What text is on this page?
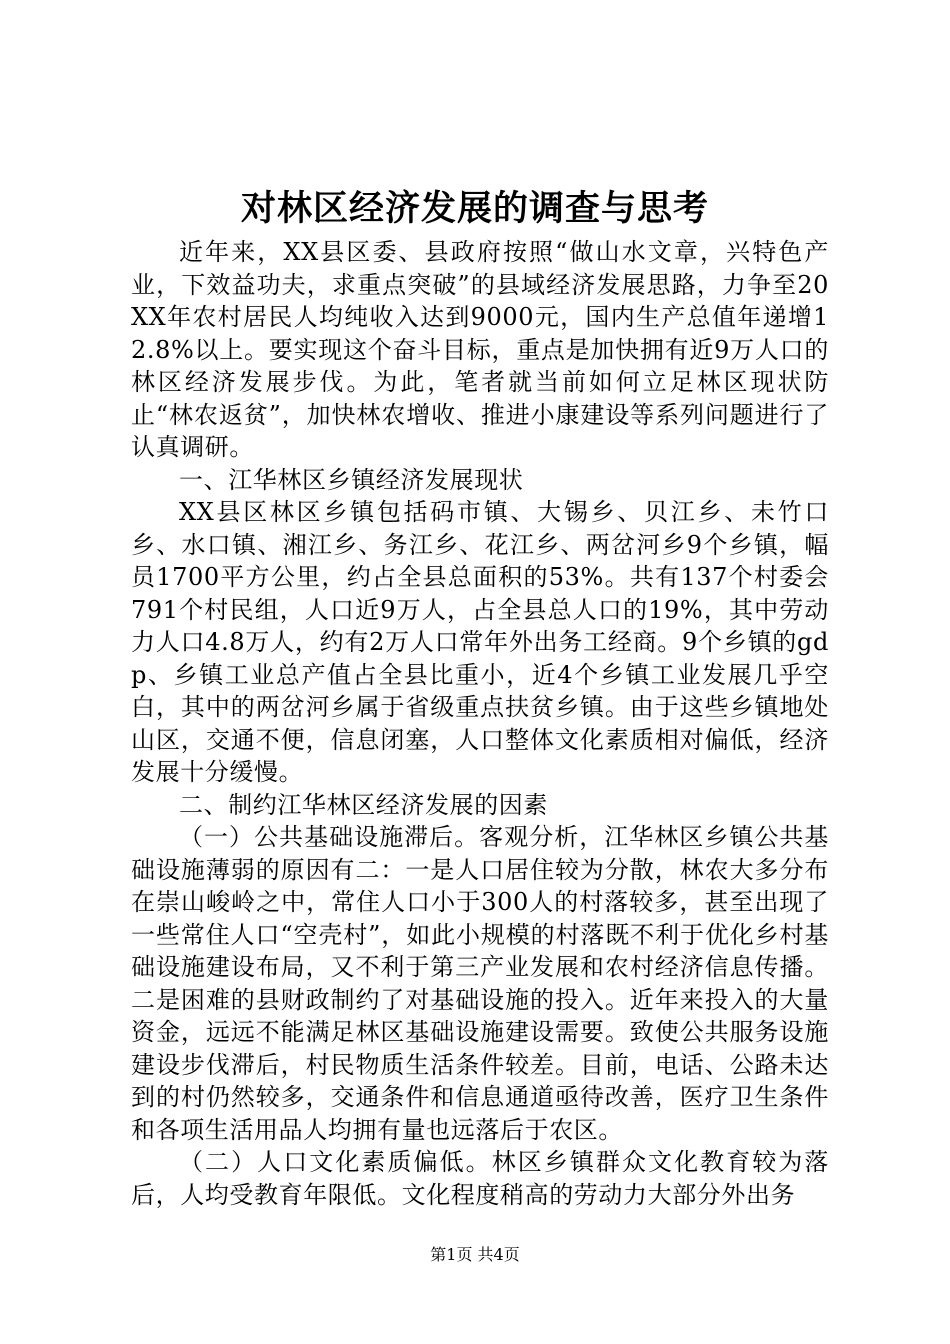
对林区经济发展的调查与思考

近年来，XX县区委、县政府按照“做山水文章，兴特色产业，下效益功夫，求重点突破”的县域经济发展思路，力争至20XX年农村居民人均纯收入达到9000元，国内生产总值年递增12.8%以上。要实现这个奋斗目标，重点是加快拥有近9万人口的林区经济发展步伐。为此，笔者就当前如何立足林区现状防止“林农返贫”，加快林农增收、推进小康建设等系列问题进行了认真调研。

一、江华林区乡镇经济发展现状

XX县区林区乡镇包括码市镇、大锡乡、贝江乡、未竹口乡、水口镇、湘江乡、务江乡、花江乡、两岔河乡9个乡镇，幅员1700平方公里，约占全县总面积的53%。共有137个村委会791个村民组，人口近9万人，占全县总人口的19%，其中劳动力人口4.8万人，约有2万人口常年外出务工经商。9个乡镇的gdp、乡镇工业总产值占全县比重小，近4个乡镇工业发展几乎空白，其中的两岔河乡属于省级重点扶贫乡镇。由于这些乡镇地处山区，交通不便，信息闭塞，人口整体文化素质相对偏低，经济发展十分缓慢。

二、制约江华林区经济发展的因素

（一）公共基础设施滞后。客观分析，江华林区乡镇公共基础设施薄弱的原因有二：一是人口居住较为分散，林农大多分布在崇山峻岭之中，常住人口小于300人的村落较多，甚至出现了一些常住人口“空壳村”，如此小规模的村落既不利于优化乡村基础设施建设布局，又不利于第三产业发展和农村经济信息传播。二是困难的县财政制约了对基础设施的投入。近年来投入的大量资金，远远不能满足林区基础设施建设需要。致使公共服务设施建设步伐滞后，村民物质生活条件较差。目前，电话、公路未达到的村仍然较多，交通条件和信息通道亟待改善，医疗卫生条件和各项生活用品人均拥有量也远落后于农区。

（二）人口文化素质偏低。林区乡镇群众文化教育较为落后，人均受教育年限低。文化程度稍高的劳动力大部分外出务

第1页 共4页
